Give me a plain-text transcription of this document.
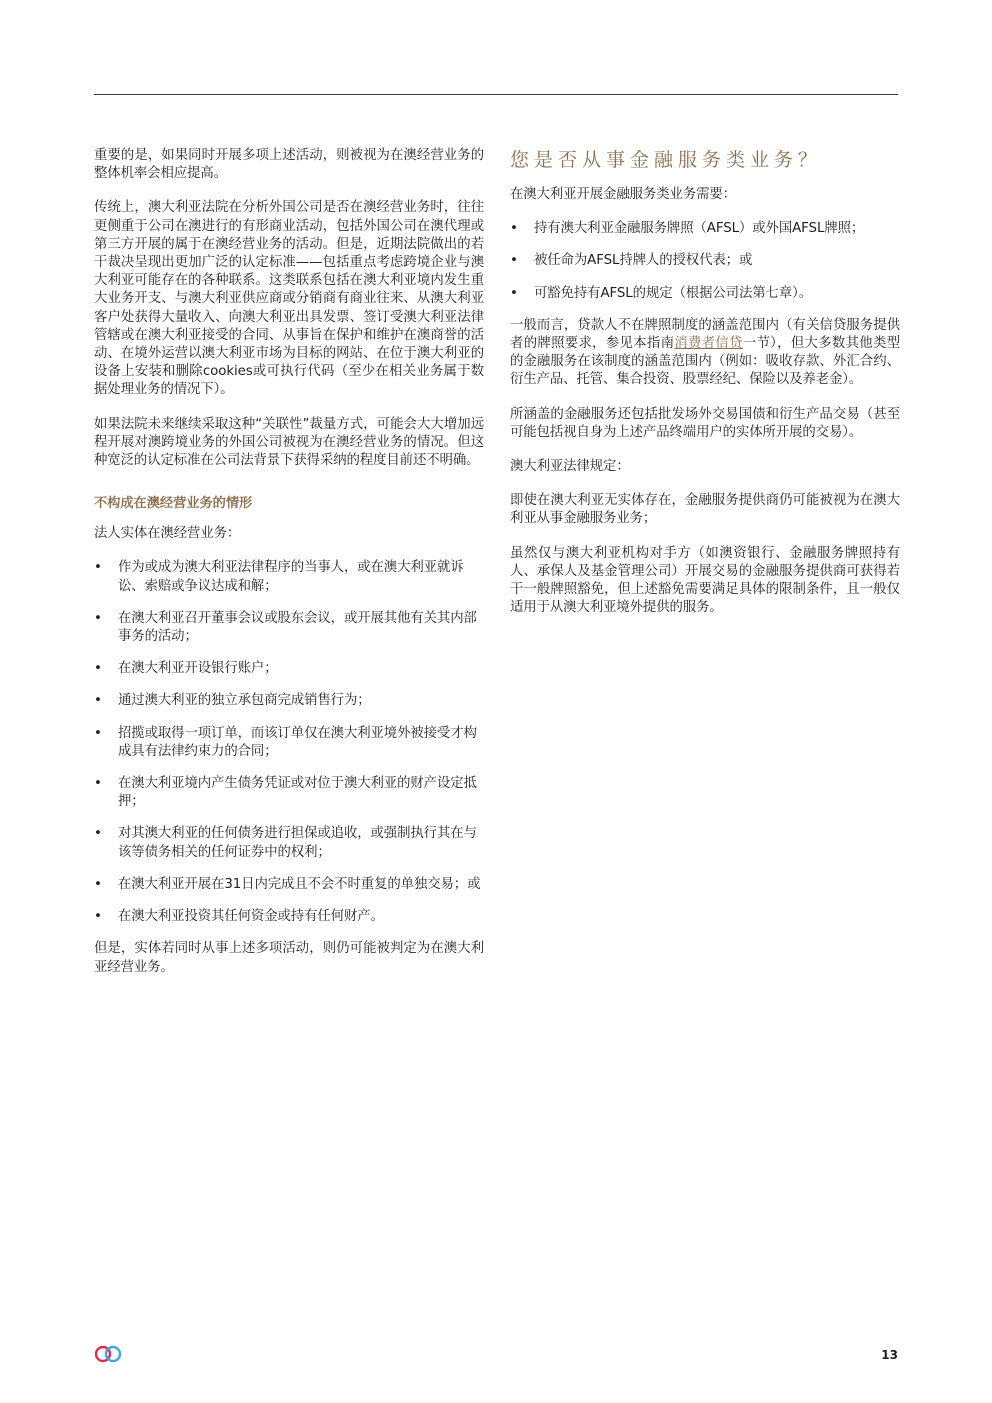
重要的是，如果同时开展多项上述活动，则被视为在澳经营业务的整体机率会相应提高。

传统上，澳大利亚法院在分析外国公司是否在澳经营业务时，往往更侧重于公司在澳进行的有形商业活动，包括外国公司在澳代理或第三方开展的属于在澳经营业务的活动。但是，近期法院做出的若干裁决呈现出更加广泛的认定标准——包括重点考虑跨境企业与澳大利亚可能存在的各种联系。这类联系包括在澳大利亚境内发生重大业务开支、与澳大利亚供应商或分销商有商业往来、从澳大利亚客户处获得大量收入、向澳大利亚出具发票、签订受澳大利亚法律管辖或在澳大利亚接受的合同、从事旨在保护和维护在澳商誉的活动、在境外运营以澳大利亚市场为目标的网站、在位于澳大利亚的设备上安装和删除cookies或可执行代码（至少在相关业务属于数据处理业务的情况下）。

如果法院未来继续采取这种“关联性”裁量方式，可能会大大增加远程开展对澳跨境业务的外国公司被视为在澳经营业务的情况。但这种宽泛的认定标准在公司法背景下获得采纳的程度目前还不明确。

不构成在澳经营业务的情形

法人实体在澳经营业务：

• 作为或成为澳大利亚法律程序的当事人，或在澳大利亚就诉讼、索赔或争议达成和解；
• 在澳大利亚召开董事会议或股东会议，或开展其他有关其内部事务的活动；
• 在澳大利亚开设银行账户；
• 通过澳大利亚的独立承包商完成销售行为；
• 招揽或取得一项订单，而该订单仅在澳大利亚境外被接受才构成具有法律约束力的合同；
• 在澳大利亚境内产生债务凭证或对位于澳大利亚的财产设定抵押；
• 对其澳大利亚的任何债务进行担保或追收，或强制执行其在与该等债务相关的任何证券中的权利；
• 在澳大利亚开展在31日内完成且不会不时重复的单独交易；或
• 在澳大利亚投资其任何资金或持有任何财产。

但是，实体若同时从事上述多项活动，则仍可能被判定为在澳大利亚经营业务。

您是否从事金融服务类业务？

在澳大利亚开展金融服务类业务需要：

• 持有澳大利亚金融服务牌照（AFSL）或外国AFSL牌照；
• 被任命为AFSL持牌人的授权代表；或
• 可豁免持有AFSL的规定（根据公司法第七章）。

一般而言，贷款人不在牌照制度的涵盖范围内（有关信贷服务提供者的牌照要求，参见本指南消费者信贷一节），但大多数其他类型的金融服务在该制度的涵盖范围内（例如：吸收存款、外汇合约、衍生产品、托管、集合投资、股票经纪、保险以及养老金）。

所涵盖的金融服务还包括批发场外交易国债和衍生产品交易（甚至可能包括视自身为上述产品终端用户的实体所开展的交易）。

澳大利亚法律规定：

即使在澳大利亚无实体存在，金融服务提供商仍可能被视为在澳大利亚从事金融服务业务；

虽然仅与澳大利亚机构对手方（如澳资银行、金融服务牌照持有人、承保人及基金管理公司）开展交易的金融服务提供商可获得若干一般牌照豁免，但上述豁免需要满足具体的限制条件，且一般仅适用于从澳大利亚境外提供的服务。

13
